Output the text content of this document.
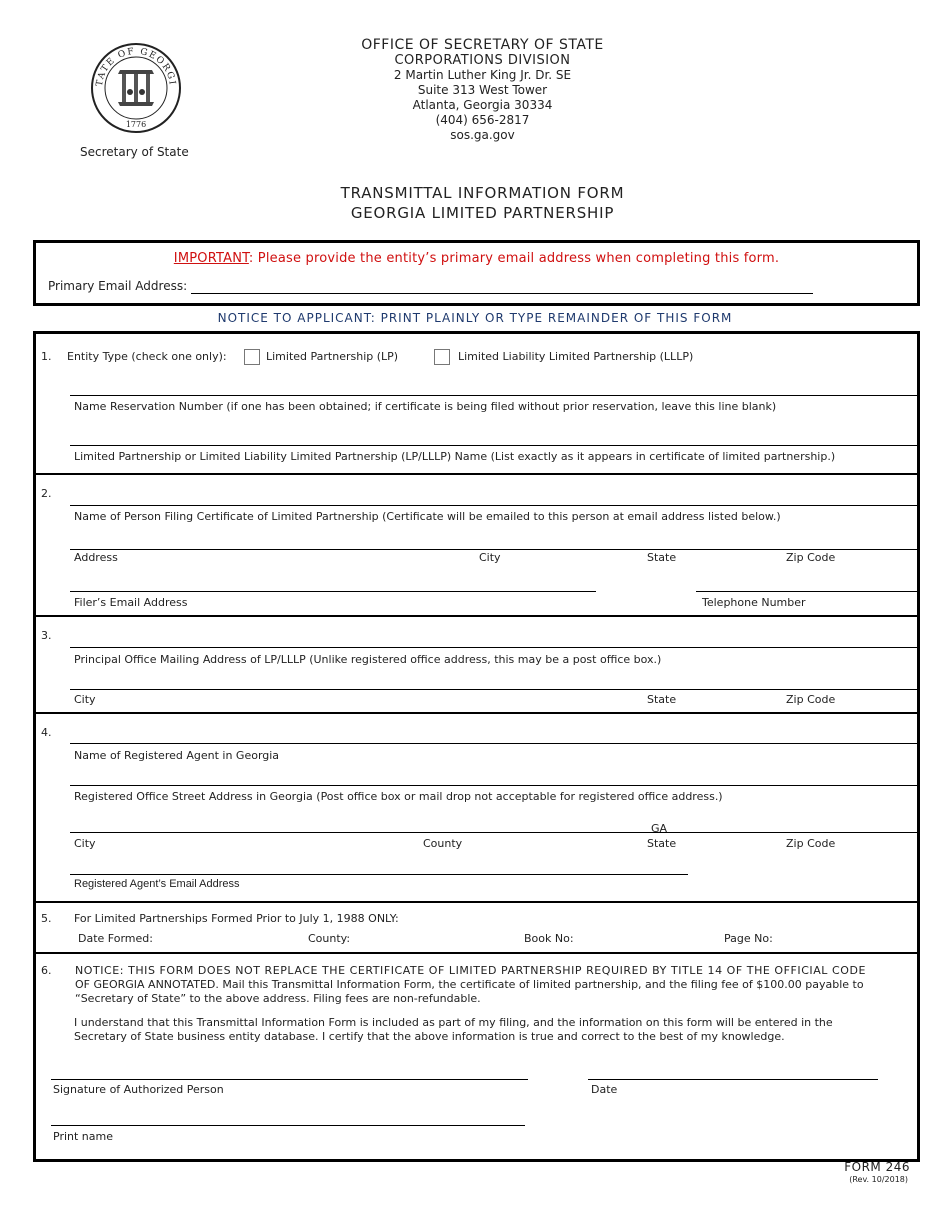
TATE OF GEORGI
1776
Secretary of State
OFFICE OF SECRETARY OF STATE
CORPORATIONS DIVISION
2 Martin Luther King Jr. Dr. SE
Suite 313 West Tower
Atlanta, Georgia 30334
(404) 656-2817
sos.ga.gov
TRANSMITTAL INFORMATION FORM
GEORGIA LIMITED PARTNERSHIP
IMPORTANT: Please provide the entity’s primary email address when completing this form.
Primary Email Address:
NOTICE TO APPLICANT: PRINT PLAINLY OR TYPE REMAINDER OF THIS FORM
1. Entity Type (check one only):	Limited Partnership (LP)	Limited Liability Limited Partnership (LLLP)
Name Reservation Number (if one has been obtained; if certificate is being filed without prior reservation, leave this line blank)
Limited Partnership or Limited Liability Limited Partnership (LP/LLLP) Name (List exactly as it appears in certificate of limited partnership.)
2.
Name of Person Filing Certificate of Limited Partnership (Certificate will be emailed to this person at email address listed below.)
Address	City	State	Zip Code
Filer’s Email Address	Telephone Number
3.
Principal Office Mailing Address of LP/LLLP (Unlike registered office address, this may be a post office box.)
City	State	Zip Code
4.
Name of Registered Agent in Georgia
Registered Office Street Address in Georgia (Post office box or mail drop not acceptable for registered office address.)
GA
City	County	State	Zip Code
Registered Agent’s Email Address
5. For Limited Partnerships Formed Prior to July 1, 1988 ONLY:
Date Formed:	County:	Book No:	Page No:
6. NOTICE: THIS FORM DOES NOT REPLACE THE CERTIFICATE OF LIMITED PARTNERSHIP REQUIRED BY TITLE 14 OF THE OFFICIAL CODE
OF GEORGIA ANNOTATED. Mail this Transmittal Information Form, the certificate of limited partnership, and the filing fee of $100.00 payable to
“Secretary of State” to the above address. Filing fees are non-refundable.
I understand that this Transmittal Information Form is included as part of my filing, and the information on this form will be entered in the
Secretary of State business entity database. I certify that the above information is true and correct to the best of my knowledge.
Signature of Authorized Person	Date
Print name
FORM 246
(Rev. 10/2018)
